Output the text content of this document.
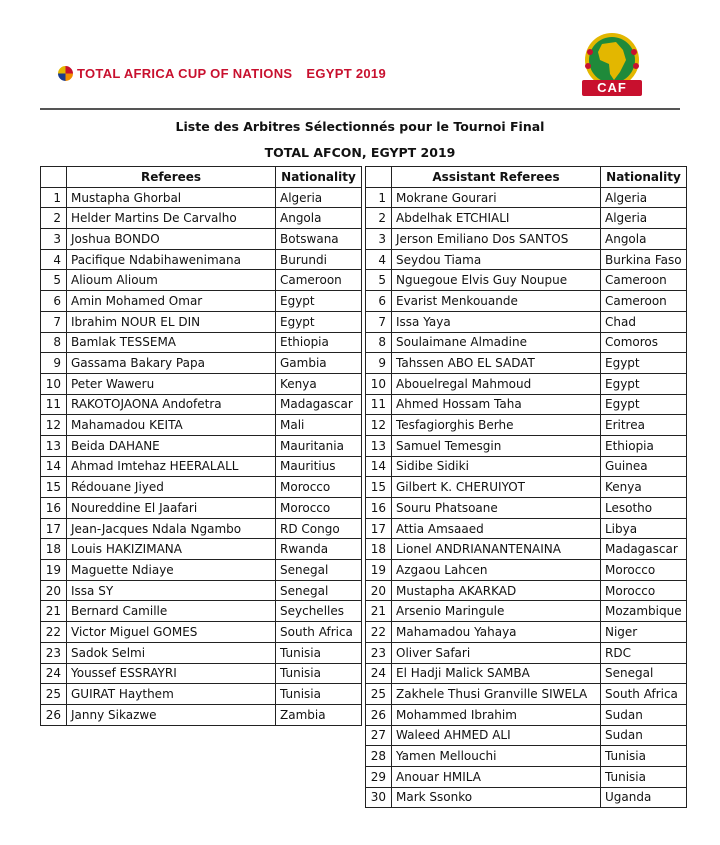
TOTAL AFRICA CUP OF NATIONS EGYPT 2019
CAF
Liste des Arbitres Sélectionnés pour le Tournoi Final
TOTAL AFCON, EGYPT 2019
	Referees	Nationality
1	Mustapha Ghorbal	Algeria
2	Helder Martins De Carvalho	Angola
3	Joshua BONDO	Botswana
4	Pacifique Ndabihawenimana	Burundi
5	Alioum Alioum	Cameroon
6	Amin Mohamed Omar	Egypt
7	Ibrahim NOUR EL DIN	Egypt
8	Bamlak TESSEMA	Ethiopia
9	Gassama Bakary Papa	Gambia
10	Peter Waweru	Kenya
11	RAKOTOJAONA Andofetra	Madagascar
12	Mahamadou KEITA	Mali
13	Beida DAHANE	Mauritania
14	Ahmad Imtehaz HEERALALL	Mauritius
15	Rédouane Jiyed	Morocco
16	Noureddine El Jaafari	Morocco
17	Jean-Jacques Ndala Ngambo	RD Congo
18	Louis HAKIZIMANA	Rwanda
19	Maguette Ndiaye	Senegal
20	Issa SY	Senegal
21	Bernard Camille	Seychelles
22	Victor Miguel GOMES	South Africa
23	Sadok Selmi	Tunisia
24	Youssef ESSRAYRI	Tunisia
25	GUIRAT Haythem	Tunisia
26	Janny Sikazwe	Zambia
	Assistant Referees	Nationality
1	Mokrane Gourari	Algeria
2	Abdelhak ETCHIALI	Algeria
3	Jerson Emiliano Dos SANTOS	Angola
4	Seydou Tiama	Burkina Faso
5	Nguegoue Elvis Guy Noupue	Cameroon
6	Evarist Menkouande	Cameroon
7	Issa Yaya	Chad
8	Soulaimane Almadine	Comoros
9	Tahssen ABO EL SADAT	Egypt
10	Abouelregal Mahmoud	Egypt
11	Ahmed Hossam Taha	Egypt
12	Tesfagiorghis Berhe	Eritrea
13	Samuel Temesgin	Ethiopia
14	Sidibe Sidiki	Guinea
15	Gilbert K. CHERUIYOT	Kenya
16	Souru Phatsoane	Lesotho
17	Attia Amsaaed	Libya
18	Lionel ANDRIANANTENAINA	Madagascar
19	Azgaou Lahcen	Morocco
20	Mustapha AKARKAD	Morocco
21	Arsenio Maringule	Mozambique
22	Mahamadou Yahaya	Niger
23	Oliver Safari	RDC
24	El Hadji Malick SAMBA	Senegal
25	Zakhele Thusi Granville SIWELA	South Africa
26	Mohammed Ibrahim	Sudan
27	Waleed AHMED ALI	Sudan
28	Yamen Mellouchi	Tunisia
29	Anouar HMILA	Tunisia
30	Mark Ssonko	Uganda
